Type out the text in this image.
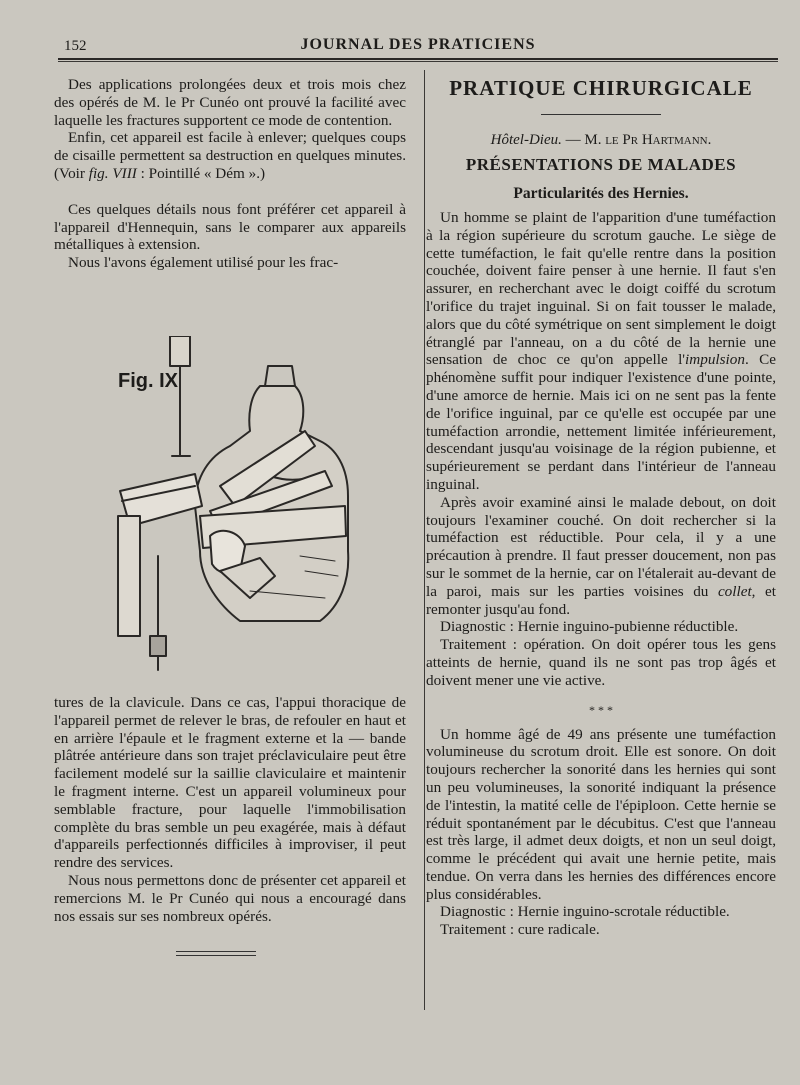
152	JOURNAL DES PRATICIENS

Des applications prolongées deux et trois mois chez des opérés de M. le Pr Cunéo ont prouvé la facilité avec laquelle les fractures supportent ce mode de contention.

Enfin, cet appareil est facile à enlever; quelques coups de cisaille permettent sa destruction en quelques minutes. (Voir fig. VIII : Pointillé « Dém ».)

Ces quelques détails nous font préférer cet appareil à l'appareil d'Hennequin, sans le comparer aux appareils métalliques à extension.

Nous l'avons également utilisé pour les frac-

Fig. IX

tures de la clavicule. Dans ce cas, l'appui thoracique de l'appareil permet de relever le bras, de refouler en haut et en arrière l'épaule et le fragment externe et la — bande plâtrée antérieure dans son trajet préclaviculaire peut être facilement modelé sur la saillie claviculaire et maintenir le fragment interne. C'est un appareil volumineux pour semblable fracture, pour laquelle l'immobilisation complète du bras semble un peu exagérée, mais à défaut d'appareils perfectionnés difficiles à improviser, il peut rendre des services.

Nous nous permettons donc de présenter cet appareil et remercions M. le Pr Cunéo qui nous a encouragé dans nos essais sur ses nombreux opérés.

PRATIQUE CHIRURGICALE
Hôtel-Dieu. — M. le Pr Hartmann.
PRÉSENTATIONS DE MALADES
Particularités des Hernies.

Un homme se plaint de l'apparition d'une tuméfaction à la région supérieure du scrotum gauche. Le siège de cette tuméfaction, le fait qu'elle rentre dans la position couchée, doivent faire penser à une hernie. Il faut s'en assurer, en recherchant avec le doigt coiffé du scrotum l'orifice du trajet inguinal. Si on fait tousser le malade, alors que du côté symétrique on sent simplement le doigt étranglé par l'anneau, on a du côté de la hernie une sensation de choc ce qu'on appelle l'impulsion. Ce phénomène suffit pour indiquer l'existence d'une pointe, d'une amorce de hernie. Mais ici on ne sent pas la fente de l'orifice inguinal, par ce qu'elle est occupée par une tuméfaction arrondie, nettement limitée inférieurement, descendant jusqu'au voisinage de la région pubienne, et supérieurement se perdant dans l'intérieur de l'anneau inguinal.

Après avoir examiné ainsi le malade debout, on doit toujours l'examiner couché. On doit rechercher si la tuméfaction est réductible. Pour cela, il y a une précaution à prendre. Il faut presser doucement, non pas sur le sommet de la hernie, car on l'étalerait au-devant de la paroi, mais sur les parties voisines du collet, et remonter jusqu'au fond.

Diagnostic : Hernie inguino-pubienne réductible.

Traitement : opération. On doit opérer tous les gens atteints de hernie, quand ils ne sont pas trop âgés et doivent mener une vie active.

* * *

Un homme âgé de 49 ans présente une tuméfaction volumineuse du scrotum droit. Elle est sonore. On doit toujours rechercher la sonorité dans les hernies qui sont un peu volumineuses, la sonorité indiquant la présence de l'intestin, la matité celle de l'épiploon. Cette hernie se réduit spontanément par le décubitus. C'est que l'anneau est très large, il admet deux doigts, et non un seul doigt, comme le précédent qui avait une hernie petite, mais tendue. On verra dans les hernies des différences encore plus considérables.

Diagnostic : Hernie inguino-scrotale réductible.

Traitement : cure radicale.
